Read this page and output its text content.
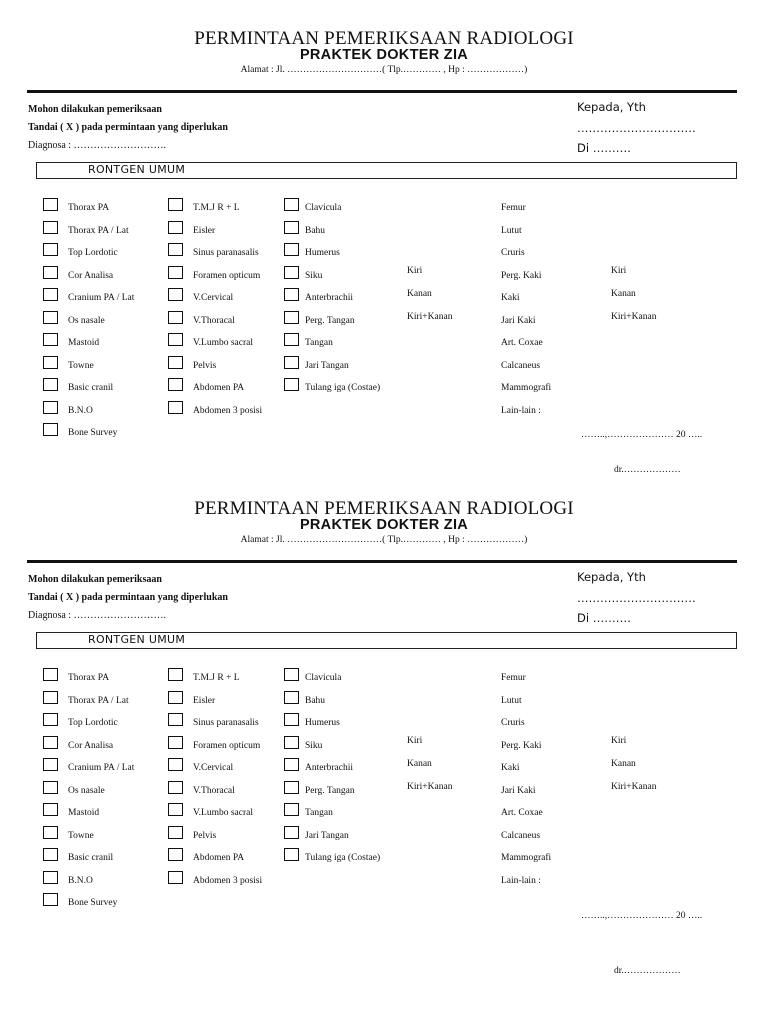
PERMINTAAN PEMERIKSAAN RADIOLOGI
PRAKTEK DOKTER ZIA
Alamat : Jl. …………………………( Tlp.………… , Hp : ………………)
Mohon dilakukan pemeriksaan
Tandai ( X ) pada permintaan yang diperlukan
Diagnosa : ……………………….
Kepada, Yth
………………………….
Di ……….
RONTGEN UMUM
Thorax PA
Thorax PA / Lat
Top Lordotic
Cor Analisa
Cranium PA / Lat
Os nasale
Mastoid
Towne
Basic cranil
B.N.O
Bone Survey
T.M.J R + L
Eisler
Sinus paranasalis
Foramen opticum
V.Cervical
V.Thoracal
V.Lumbo sacral
Pelvis
Abdomen PA
Abdomen 3 posisi
Clavicula
Bahu
Humerus
Siku
Anterbrachii
Perg. Tangan
Tangan
Jari Tangan
Tulang iga (Costae)
Kiri
Kanan
Kiri+Kanan
Femur
Lutut
Cruris
Perg. Kaki
Kaki
Jari Kaki
Art. Coxae
Calcaneus
Mammografi
Lain-lain :
Kiri
Kanan
Kiri+Kanan
……..,………………… 20 …..
dr.………………
PERMINTAAN PEMERIKSAAN RADIOLOGI
PRAKTEK DOKTER ZIA
Alamat : Jl. …………………………( Tlp.………… , Hp : ………………)
Mohon dilakukan pemeriksaan
Tandai ( X ) pada permintaan yang diperlukan
Diagnosa : ……………………….
Kepada, Yth
………………………….
Di ……….
RONTGEN UMUM
Thorax PA
Thorax PA / Lat
Top Lordotic
Cor Analisa
Cranium PA / Lat
Os nasale
Mastoid
Towne
Basic cranil
B.N.O
Bone Survey
T.M.J R + L
Eisler
Sinus paranasalis
Foramen opticum
V.Cervical
V.Thoracal
V.Lumbo sacral
Pelvis
Abdomen PA
Abdomen 3 posisi
Clavicula
Bahu
Humerus
Siku
Anterbrachii
Perg. Tangan
Tangan
Jari Tangan
Tulang iga (Costae)
Kiri
Kanan
Kiri+Kanan
Femur
Lutut
Cruris
Perg. Kaki
Kaki
Jari Kaki
Art. Coxae
Calcaneus
Mammografi
Lain-lain :
Kiri
Kanan
Kiri+Kanan
……..,………………… 20 …..
dr.………………
